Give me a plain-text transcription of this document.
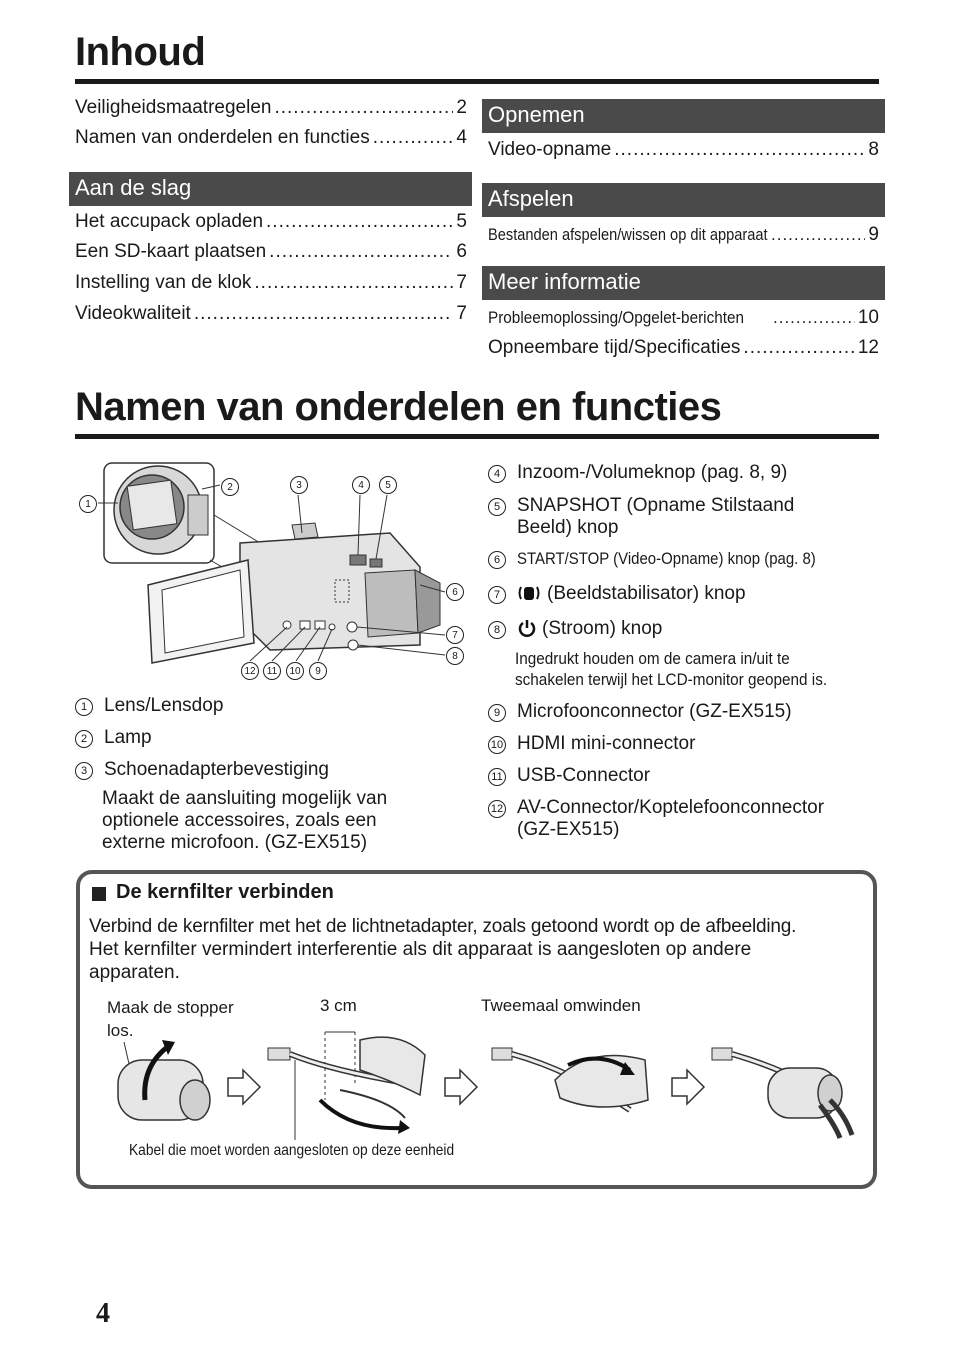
Inhoud
Veiligheidsmaatregelen .....	2
Namen van onderdelen en functies .....	4
Aan de slag
Het accupack opladen .....	5
Een SD-kaart plaatsen .....	6
Instelling van de klok .....	7
Videokwaliteit .....	7
Opnemen
Video-opname .....	8
Afspelen
Bestanden afspelen/wissen op dit apparaat .....	9
Meer informatie
Probleemoplossing/Opgelet-berichten .....	10
Opneembare tijd/Specificaties .....	12
Namen van onderdelen en functies
1
2	3	4	5
6
7
8
9
10
11
12
1 Lens/Lensdop
2 Lamp
3 Schoenadapterbevestiging
Maakt de aansluiting mogelijk van
optionele accessoires, zoals een
externe microfoon. (GZ-EX515)
4 Inzoom-/Volumeknop (pag. 8, 9)
5 SNAPSHOT (Opname Stilstaand
Beeld) knop
6 START/STOP (Video-Opname) knop (pag. 8)
7	(Beeldstabilisator) knop
8	(Stroom) knop
Ingedrukt houden om de camera in/uit te
schakelen terwijl het LCD-monitor geopend is.
9 Microfoonconnector (GZ-EX515)
10 HDMI mini-connector
11 USB-Connector
12 AV-Connector/Koptelefoonconnector
(GZ-EX515)
De kernfilter verbinden
Verbind de kernfilter met het de lichtnetadapter, zoals getoond wordt op de afbeelding.
Het kernfilter vermindert interferentie als dit apparaat is aangesloten op andere
apparaten.
Maak de stopper
los.
3 cm	Tweemaal omwinden
Kabel die moet worden aangesloten op deze eenheid
4
